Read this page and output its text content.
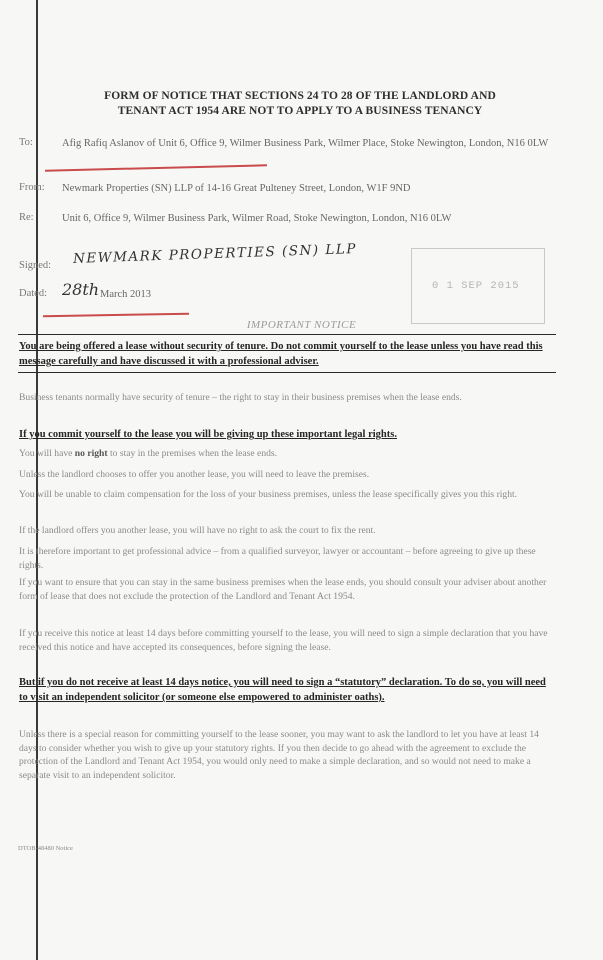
FORM OF NOTICE THAT SECTIONS 24 TO 28 OF THE LANDLORD AND
TENANT ACT 1954 ARE NOT TO APPLY TO A BUSINESS TENANCY
To:	Afig Rafiq Aslanov of Unit 6, Office 9, Wilmer Business Park, Wilmer Place, Stoke Newington, London, N16 0LW
From: Newmark Properties (SN) LLP of 14-16 Great Pulteney Street, London, W1F 9ND
Re:	Unit 6, Office 9, Wilmer Business Park, Wilmer Road, Stoke Newington, London, N16 0LW
Signed: NEWMARK PROPERTIES (SN) LLP
Dated: 28th March 2013
0 1 SEP 2015
IMPORTANT NOTICE
You are being offered a lease without security of tenure. Do not commit yourself to the lease unless you have read this message carefully and have discussed it with a professional adviser.
Business tenants normally have security of tenure – the right to stay in their business premises when the lease ends.
If you commit yourself to the lease you will be giving up these important legal rights.
You will have no right to stay in the premises when the lease ends.
Unless the landlord chooses to offer you another lease, you will need to leave the premises.
You will be unable to claim compensation for the loss of your business premises, unless the lease specifically gives you this right.
If the landlord offers you another lease, you will have no right to ask the court to fix the rent.
It is therefore important to get professional advice – from a qualified surveyor, lawyer or accountant – before agreeing to give up these rights.
If you want to ensure that you can stay in the same business premises when the lease ends, you should consult your adviser about another form of lease that does not exclude the protection of the Landlord and Tenant Act 1954.
If you receive this notice at least 14 days before committing yourself to the lease, you will need to sign a simple declaration that you have received this notice and have accepted its consequences, before signing the lease.
But if you do not receive at least 14 days notice, you will need to sign a “statutory” declaration. To do so, you will need to visit an independent solicitor (or someone else empowered to administer oaths).
Unless there is a special reason for committing yourself to the lease sooner, you may want to ask the landlord to let you have at least 14 days to consider whether you wish to give up your statutory rights. If you then decide to go ahead with the agreement to exclude the protection of the Landlord and Tenant Act 1954, you would only need to make a simple declaration, and so would not need to make a separate visit to an independent solicitor.
DTOB-48480 Notice
